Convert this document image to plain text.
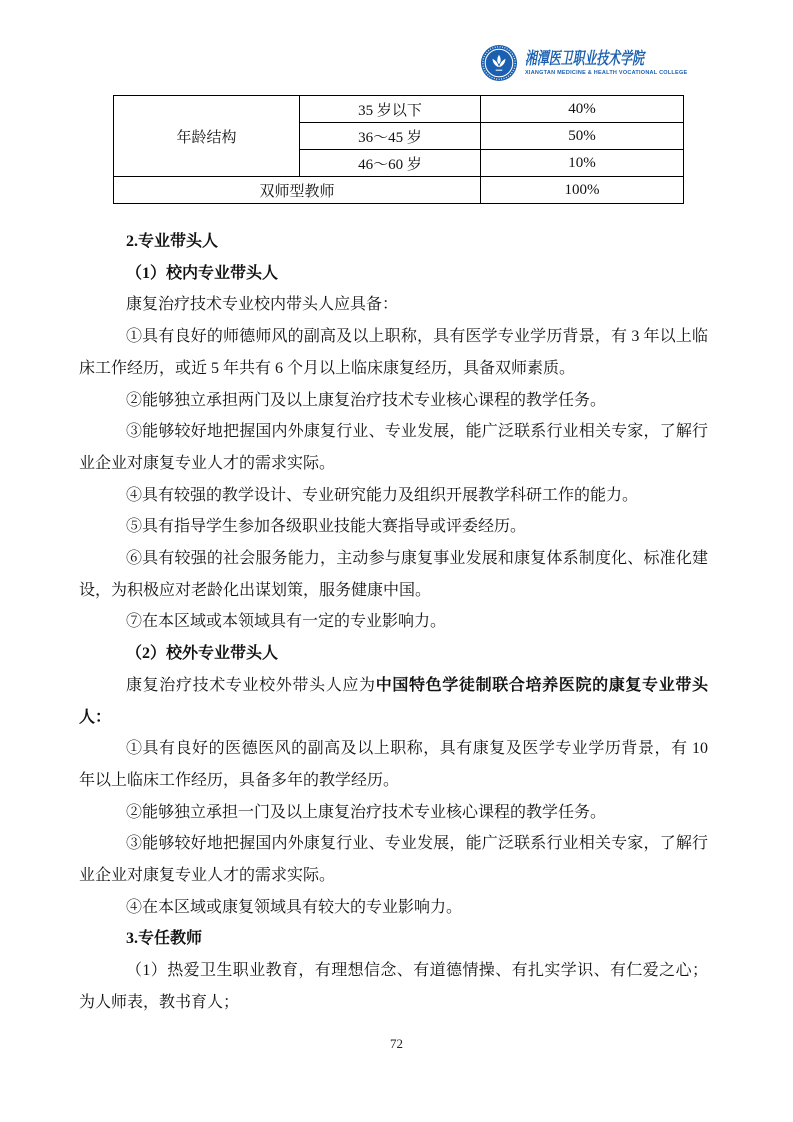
湘潭医卫职业技术学院
XIANGTAN MEDICINE & HEALTH VOCATIONAL COLLEGE
年龄结构	35 岁以下	40%
	36～45 岁	50%
	46～60 岁	10%
双师型教师		100%

2.专业带头人

（1）校内专业带头人

康复治疗技术专业校内带头人应具备：

①具有良好的师德师风的副高及以上职称，具有医学专业学历背景，有 3 年以上临床工作经历，或近 5 年共有 6 个月以上临床康复经历，具备双师素质。

②能够独立承担两门及以上康复治疗技术专业核心课程的教学任务。

③能够较好地把握国内外康复行业、专业发展，能广泛联系行业相关专家，了解行业企业对康复专业人才的需求实际。

④具有较强的教学设计、专业研究能力及组织开展教学科研工作的能力。

⑤具有指导学生参加各级职业技能大赛指导或评委经历。

⑥具有较强的社会服务能力，主动参与康复事业发展和康复体系制度化、标准化建设，为积极应对老龄化出谋划策，服务健康中国。

⑦在本区域或本领域具有一定的专业影响力。

（2）校外专业带头人

康复治疗技术专业校外带头人应为中国特色学徒制联合培养医院的康复专业带头人：

①具有良好的医德医风的副高及以上职称，具有康复及医学专业学历背景，有 10 年以上临床工作经历，具备多年的教学经历。

②能够独立承担一门及以上康复治疗技术专业核心课程的教学任务。

③能够较好地把握国内外康复行业、专业发展，能广泛联系行业相关专家，了解行业企业对康复专业人才的需求实际。

④在本区域或康复领域具有较大的专业影响力。

3.专任教师

（1）热爱卫生职业教育，有理想信念、有道德情操、有扎实学识、有仁爱之心；为人师表，教书育人；

72
